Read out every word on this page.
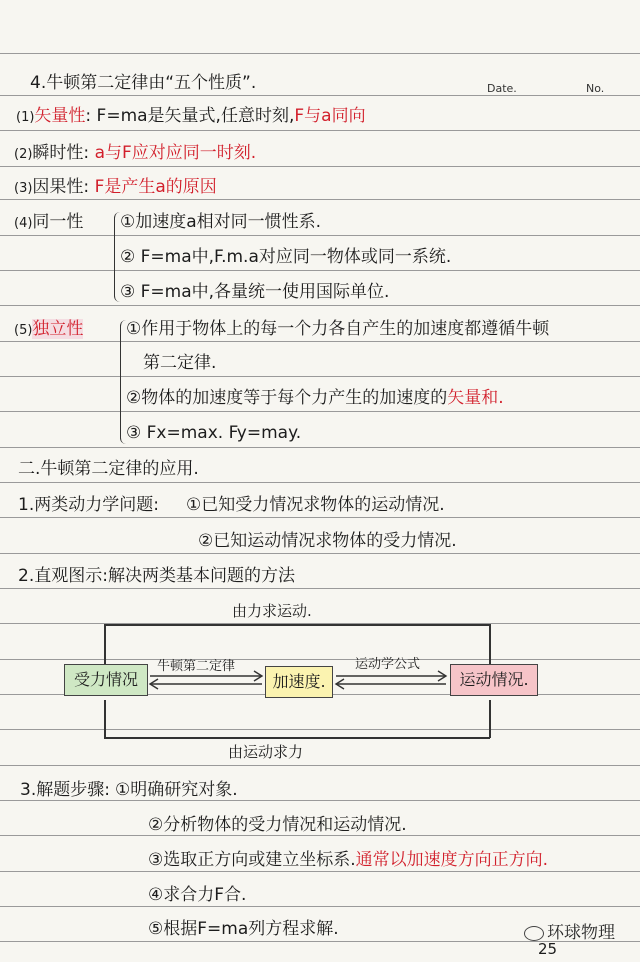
4.牛顿第二定律由“五个性质”.	Date.	No.
(1)矢量性: F=ma是矢量式,任意时刻,F与a同向
(2)瞬时性: a与F应对应同一时刻.
(3)因果性: F是产生a的原因
(4)同一性 ①加速度a相对同一惯性系.
② F=ma中,F.m.a对应同一物体或同一系统.
③ F=ma中,各量统一使用国际单位.
(5)独立性	①作用于物体上的每一个力各自产生的加速度都遵循牛顿
第二定律.
②物体的加速度等于每个力产生的加速度的矢量和.
③ Fx=max. Fy=may.
二.牛顿第二定律的应用.
1.两类动力学问题: ①已知受力情况求物体的运动情况.
②已知运动情况求物体的受力情况.
2.直观图示:解决两类基本问题的方法
由力求运动.
由运动求力
受力情况	加速度.	运动情况.
牛顿第二定律	运动学公式
3.解题步骤: ①明确研究对象.
②分析物体的受力情况和运动情况.
③选取正方向或建立坐标系.通常以加速度方向正方向.
④求合力F合.
⑤根据F=ma列方程求解.	环球物理
25
